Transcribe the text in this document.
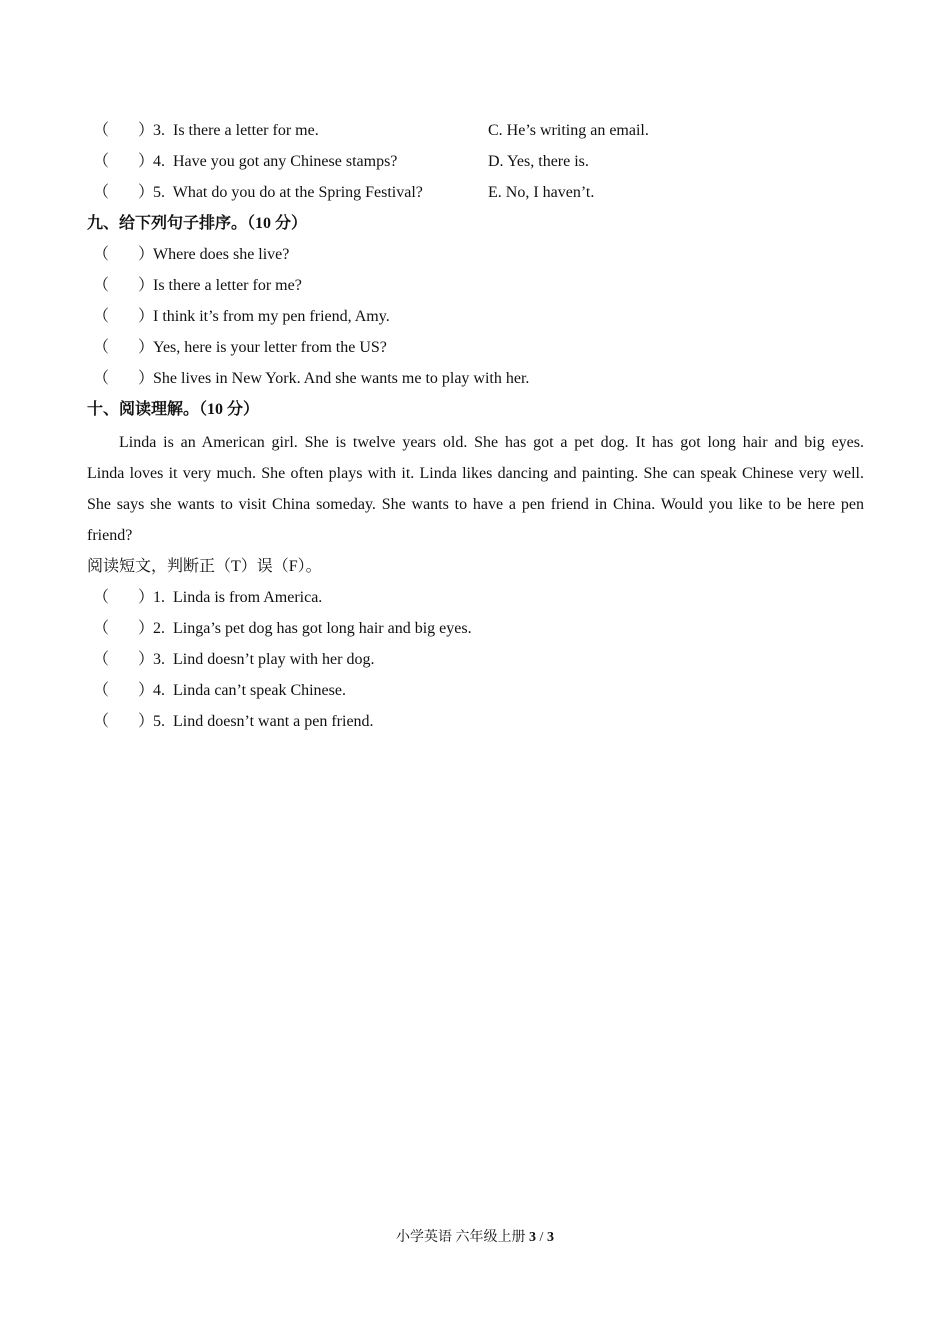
（ ）
3. Is there a letter for me.	C. He’s writing an email.
（ ）
4. Have you got any Chinese stamps?	D. Yes, there is.
（ ）
5. What do you do at the Spring Festival?	E. No, I haven’t.
九、给下列句子排序。（10 分）
（ ）
Where does she live?
（ ）
Is there a letter for me?
（ ）
I think it’s from my pen friend, Amy.
（ ）
Yes, here is your letter from the US?
（ ）
She lives in New York. And she wants me to play with her.
十、阅读理解。（10 分）
Linda is an American girl. She is twelve years old. She has got a pet dog. It has got long hair and big eyes. Linda loves it very much. She often plays with it. Linda likes dancing and painting. She can speak Chinese very well. She says she wants to visit China someday. She wants to have a pen friend in China. Would you like to be here pen friend?
阅读短文，判断正（T）误（F）。
（ ）
1. Linda is from America.
（ ）
2. Linga’s pet dog has got long hair and big eyes.
（ ）
3. Lind doesn’t play with her dog.
（ ）
4. Linda can’t speak Chinese.
（ ）
5. Lind doesn’t want a pen friend.
小学英语 六年级上册 3 / 3
